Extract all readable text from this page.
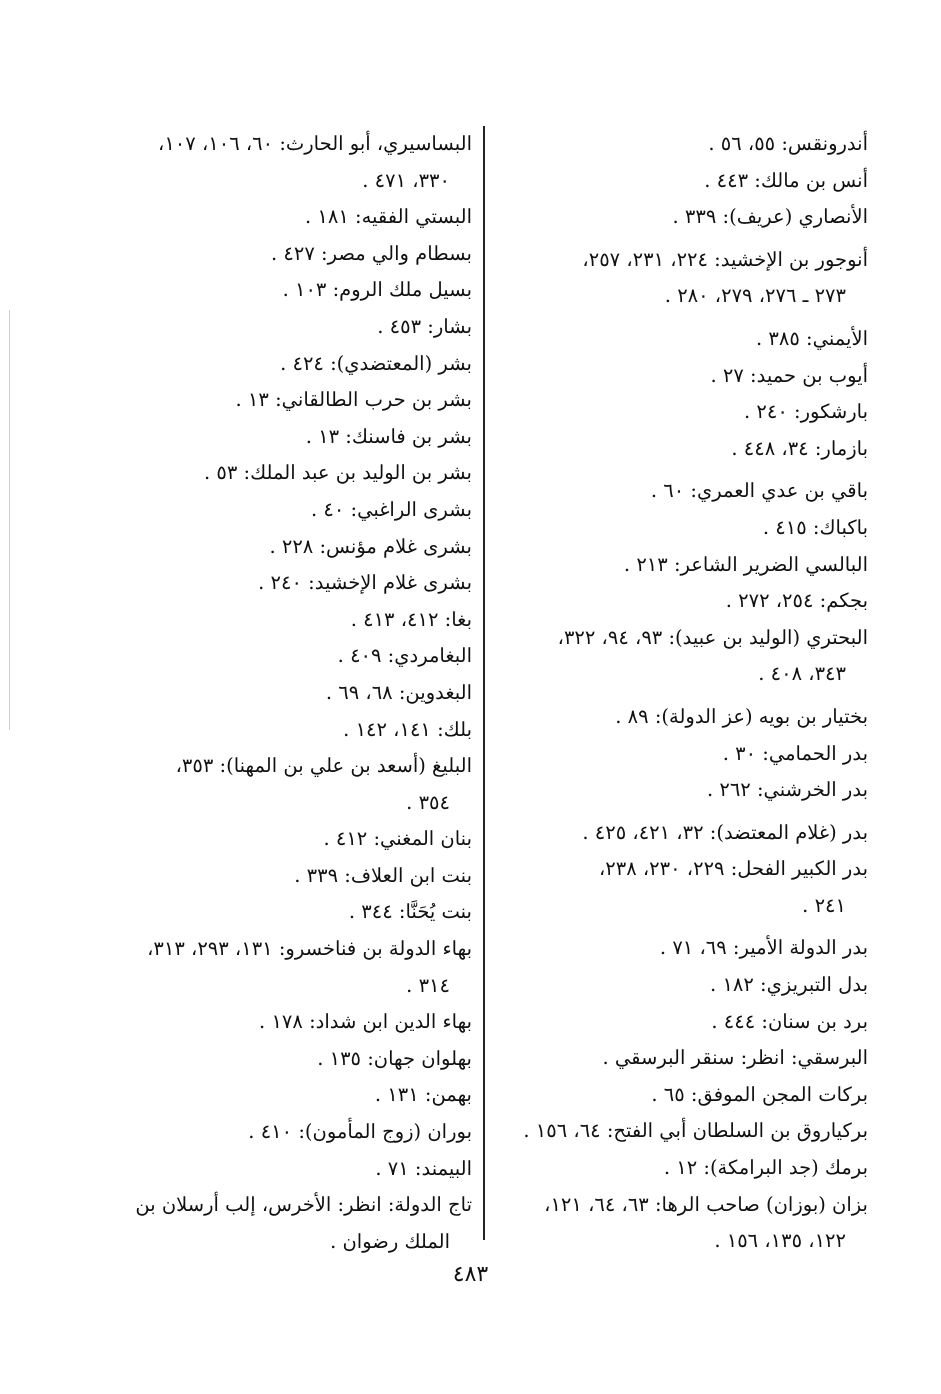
أندرونقس: ٥٥، ٥٦ .

أنس بن مالك: ٤٤٣ .

الأنصاري (عريف): ٣٣٩ .

أنوجور بن الإخشيد: ٢٢٤، ٢٣١، ٢٥٧،

٢٧٣ ـ ٢٧٦، ٢٧٩، ٢٨٠ .

الأيمني: ٣٨٥ .

أيوب بن حميد: ٢٧ .

بارشكور: ٢٤٠ .

بازمار: ٣٤، ٤٤٨ .

باقي بن عدي العمري: ٦٠ .

باكباك: ٤١٥ .

البالسي الضرير الشاعر: ٢١٣ .

بجكم: ٢٥٤، ٢٧٢ .

البحتري (الوليد بن عبيد): ٩٣، ٩٤، ٣٢٢،

٣٤٣، ٤٠٨ .

بختيار بن بويه (عز الدولة): ٨٩ .

بدر الحمامي: ٣٠ .

بدر الخرشني: ٢٦٢ .

بدر (غلام المعتضد): ٣٢، ٤٢١، ٤٢٥ .

بدر الكبير الفحل: ٢٢٩، ٢٣٠، ٢٣٨،

٢٤١ .

بدر الدولة الأمير: ٦٩، ٧١ .

بدل التبريزي: ١٨٢ .

برد بن سنان: ٤٤٤ .

البرسقي: انظر: سنقر البرسقي .

بركات المجن الموفق: ٦٥ .

بركياروق بن السلطان أبي الفتح: ٦٤، ١٥٦ .

برمك (جد البرامكة): ١٢ .

بزان (بوزان) صاحب الرها: ٦٣، ٦٤، ١٢١،

١٢٢، ١٣٥، ١٥٦ .

البساسيري، أبو الحارث: ٦٠، ١٠٦، ١٠٧،

٣٣٠، ٤٧١ .

البستي الفقيه: ١٨١ .

بسطام والي مصر: ٤٢٧ .

بسيل ملك الروم: ١٠٣ .

بشار: ٤٥٣ .

بشر (المعتضدي): ٤٢٤ .

بشر بن حرب الطالقاني: ١٣ .

بشر بن فاسنك: ١٣ .

بشر بن الوليد بن عبد الملك: ٥٣ .

بشرى الراغبي: ٤٠ .

بشرى غلام مؤنس: ٢٢٨ .

بشرى غلام الإخشيد: ٢٤٠ .

بغا: ٤١٢، ٤١٣ .

البغامردي: ٤٠٩ .

البغدوين: ٦٨، ٦٩ .

بلك: ١٤١، ١٤٢ .

البليغ (أسعد بن علي بن المهنا): ٣٥٣،

٣٥٤ .

بنان المغني: ٤١٢ .

بنت ابن العلاف: ٣٣٩ .

بنت يُحَنَّا: ٣٤٤ .

بهاء الدولة بن فناخسرو: ١٣١، ٢٩٣، ٣١٣،

٣١٤ .

بهاء الدين ابن شداد: ١٧٨ .

بهلوان جهان: ١٣٥ .

بهمن: ١٣١ .

بوران (زوج المأمون): ٤١٠ .

البيمند: ٧١ .

تاج الدولة: انظر: الأخرس، إلب أرسلان بن

الملك رضوان .

٤٨٣
